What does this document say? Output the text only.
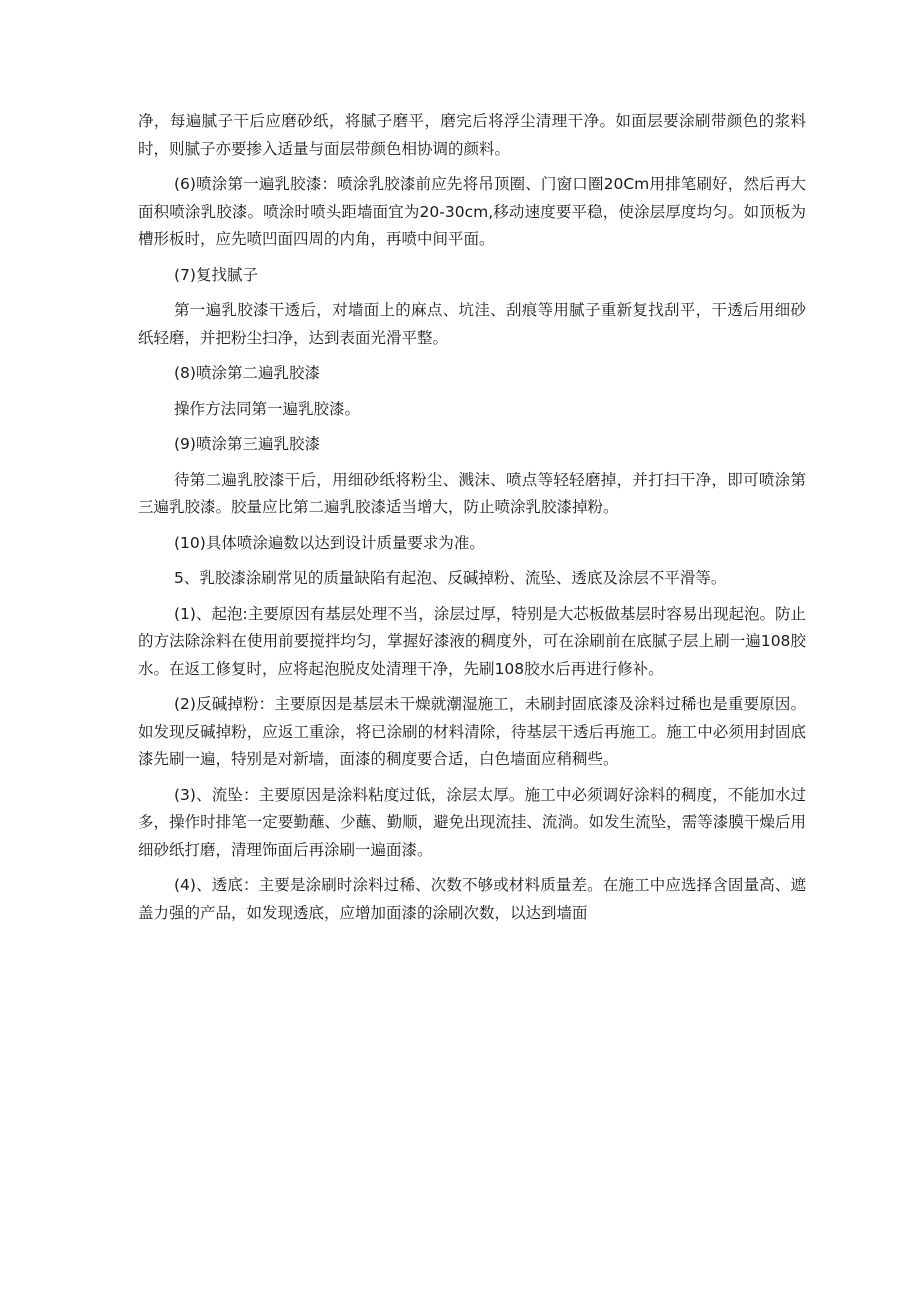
净，每遍腻子干后应磨砂纸，将腻子磨平，磨完后将浮尘清理干净。如面层要涂刷带颜色的浆料时，则腻子亦要掺入适量与面层带颜色相协调的颜料。

(6)喷涂第一遍乳胶漆：喷涂乳胶漆前应先将吊顶圈、门窗口圈20Cm用排笔刷好，然后再大面积喷涂乳胶漆。喷涂时喷头距墙面宜为20-30cm,移动速度要平稳，使涂层厚度均匀。如顶板为槽形板时，应先喷凹面四周的内角，再喷中间平面。

(7)复找腻子

第一遍乳胶漆干透后，对墙面上的麻点、坑洼、刮痕等用腻子重新复找刮平，干透后用细砂纸轻磨，并把粉尘扫净，达到表面光滑平整。

(8)喷涂第二遍乳胶漆

操作方法同第一遍乳胶漆。

(9)喷涂第三遍乳胶漆

待第二遍乳胶漆干后，用细砂纸将粉尘、溅沫、喷点等轻轻磨掉，并打扫干净，即可喷涂第三遍乳胶漆。胶量应比第二遍乳胶漆适当增大，防止喷涂乳胶漆掉粉。

(10)具体喷涂遍数以达到设计质量要求为准。

5、乳胶漆涂刷常见的质量缺陷有起泡、反碱掉粉、流坠、透底及涂层不平滑等。

(1)、起泡:主要原因有基层处理不当，涂层过厚，特别是大芯板做基层时容易出现起泡。防止的方法除涂料在使用前要搅拌均匀，掌握好漆液的稠度外，可在涂刷前在底腻子层上刷一遍108胶水。在返工修复时，应将起泡脱皮处清理干净，先刷108胶水后再进行修补。

(2)反碱掉粉：主要原因是基层未干燥就潮湿施工，未刷封固底漆及涂料过稀也是重要原因。如发现反碱掉粉，应返工重涂，将已涂刷的材料清除，待基层干透后再施工。施工中必须用封固底漆先刷一遍，特别是对新墙，面漆的稠度要合适，白色墙面应稍稠些。

(3)、流坠：主要原因是涂料粘度过低，涂层太厚。施工中必须调好涂料的稠度，不能加水过多，操作时排笔一定要勤蘸、少蘸、勤顺，避免出现流挂、流淌。如发生流坠，需等漆膜干燥后用细砂纸打磨，清理饰面后再涂刷一遍面漆。

(4)、透底：主要是涂刷时涂料过稀、次数不够或材料质量差。在施工中应选择含固量高、遮盖力强的产品，如发现透底，应增加面漆的涂刷次数，以达到墙面
